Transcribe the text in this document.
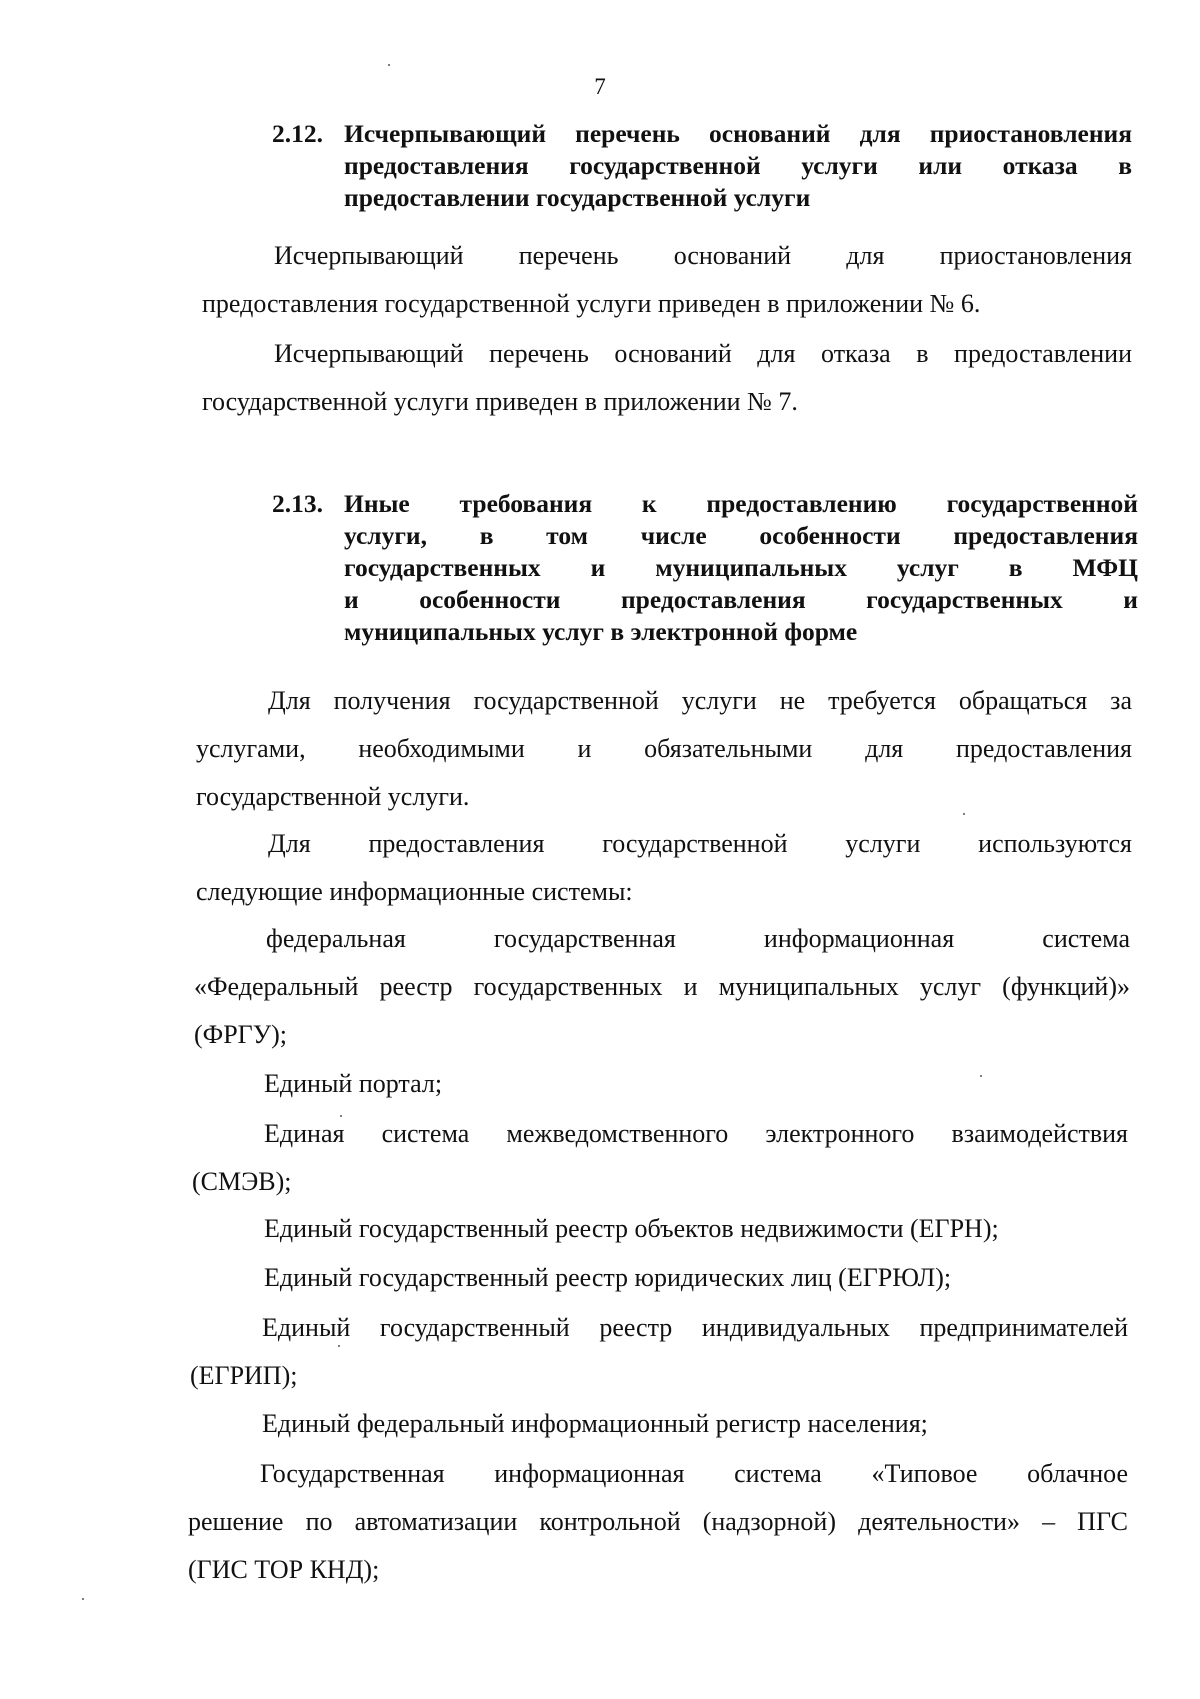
7
2.12. Исчерпывающий перечень оснований для приостановления
предоставления государственной услуги или отказа в
предоставлении государственной услуги
Исчерпывающий перечень оснований для приостановления
предоставления государственной услуги приведен в приложении № 6.
Исчерпывающий перечень оснований для отказа в предоставлении
государственной услуги приведен в приложении № 7.
2.13. Иные требования к предоставлению государственной
услуги, в том числе особенности предоставления
государственных и муниципальных услуг в МФЦ
и особенности предоставления государственных и
муниципальных услуг в электронной форме
Для получения государственной услуги не требуется обращаться за
услугами, необходимыми и обязательными для предоставления
государственной услуги.
Для предоставления государственной услуги используются
следующие информационные системы:
федеральная государственная информационная система
«Федеральный реестр государственных и муниципальных услуг (функций)»
(ФРГУ);
Единый портал;
Единая система межведомственного электронного взаимодействия
(СМЭВ);
Единый государственный реестр объектов недвижимости (ЕГРН);
Единый государственный реестр юридических лиц (ЕГРЮЛ);
Единый государственный реестр индивидуальных предпринимателей
(ЕГРИП);
Единый федеральный информационный регистр населения;
Государственная информационная система «Типовое облачное
решение по автоматизации контрольной (надзорной) деятельности» – ПГС
(ГИС ТОР КНД);
